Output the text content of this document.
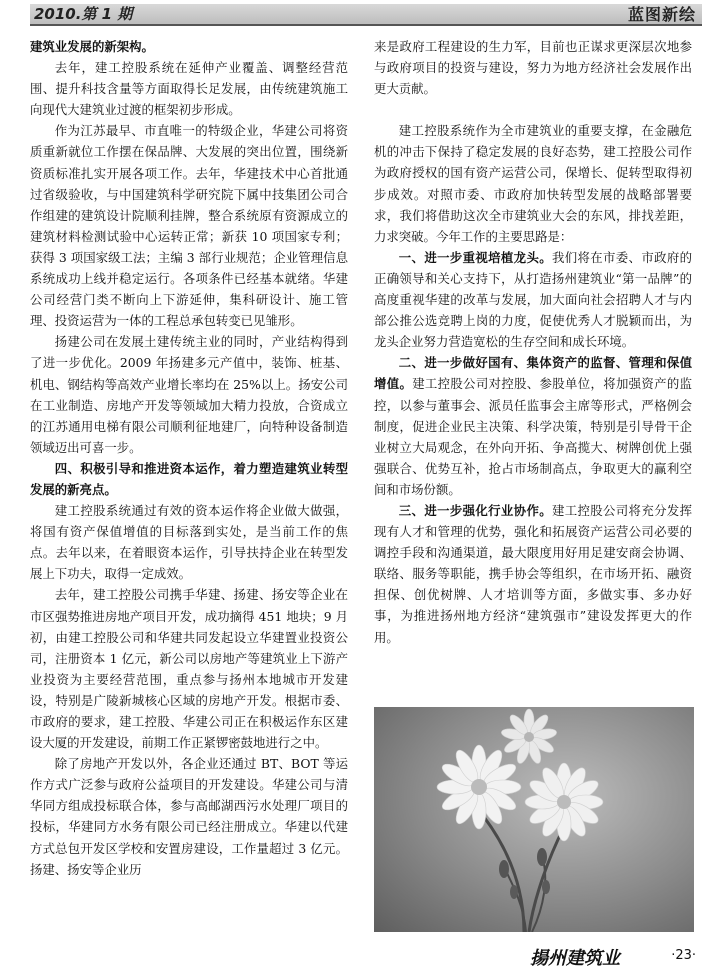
2010.第 1 期	蓝图新绘
建筑业发展的新架构。

去年，建工控股系统在延伸产业覆盖、调整经营范围、提升科技含量等方面取得长足发展，由传统建筑施工向现代大建筑业过渡的框架初步形成。

作为江苏最早、市直唯一的特级企业，华建公司将资质重新就位工作摆在保品牌、大发展的突出位置，围绕新资质标准扎实开展各项工作。去年，华建技术中心首批通过省级验收，与中国建筑科学研究院下属中技集团公司合作组建的建筑设计院顺利挂牌，整合系统原有资源成立的建筑材料检测试验中心运转正常；新获 10 项国家专利；获得 3 项国家级工法；主编 3 部行业规范；企业管理信息系统成功上线并稳定运行。各项条件已经基本就绪。华建公司经营门类不断向上下游延伸，集科研设计、施工管理、投资运营为一体的工程总承包转变已见雏形。

扬建公司在发展土建传统主业的同时，产业结构得到了进一步优化。2009 年扬建多元产值中，装饰、桩基、机电、钢结构等高效产业增长率均在 25%以上。扬安公司在工业制造、房地产开发等领域加大精力投放，合资成立的江苏通用电梯有限公司顺利征地建厂，向特种设备制造领域迈出可喜一步。

四、积极引导和推进资本运作，着力塑造建筑业转型发展的新亮点。

建工控股系统通过有效的资本运作将企业做大做强，将国有资产保值增值的目标落到实处，是当前工作的焦点。去年以来，在着眼资本运作，引导扶持企业在转型发展上下功夫，取得一定成效。

去年，建工控股公司携手华建、扬建、扬安等企业在市区强势推进房地产项目开发，成功摘得 451 地块；9 月初，由建工控股公司和华建共同发起设立华建置业投资公司，注册资本 1 亿元，新公司以房地产等建筑业上下游产业投资为主要经营范围，重点参与扬州本地城市开发建设，特别是广陵新城核心区域的房地产开发。根据市委、市政府的要求，建工控股、华建公司正在积极运作东区建设大厦的开发建设，前期工作正紧锣密鼓地进行之中。

除了房地产开发以外，各企业还通过 BT、BOT 等运作方式广泛参与政府公益项目的开发建设。华建公司与清华同方组成投标联合体，参与高邮湖西污水处理厂项目的投标，华建同方水务有限公司已经注册成立。华建以代建方式总包开发区学校和安置房建设，工作量超过 3 亿元。扬建、扬安等企业历

来是政府工程建设的生力军，目前也正谋求更深层次地参与政府项目的投资与建设，努力为地方经济社会发展作出更大贡献。

建工控股系统作为全市建筑业的重要支撑，在金融危机的冲击下保持了稳定发展的良好态势，建工控股公司作为政府授权的国有资产运营公司，保增长、促转型取得初步成效。对照市委、市政府加快转型发展的战略部署要求，我们将借助这次全市建筑业大会的东风，排找差距，力求突破。今年工作的主要思路是：

一、进一步重视培植龙头。我们将在市委、市政府的正确领导和关心支持下，从打造扬州建筑业“第一品牌”的高度重视华建的改革与发展，加大面向社会招聘人才与内部公推公选竞聘上岗的力度，促使优秀人才脱颖而出，为龙头企业努力营造宽松的生存空间和成长环境。

二、进一步做好国有、集体资产的监督、管理和保值增值。建工控股公司对控股、参股单位，将加强资产的监控，以参与董事会、派员任监事会主席等形式，严格例会制度，促进企业民主决策、科学决策，特别是引导骨干企业树立大局观念，在外向开拓、争高揽大、树牌创优上强强联合、优势互补，抢占市场制高点，争取更大的赢利空间和市场份额。

三、进一步强化行业协作。建工控股公司将充分发挥现有人才和管理的优势，强化和拓展资产运营公司必要的调控手段和沟通渠道，最大限度用好用足建安商会协调、联络、服务等职能，携手协会等组织，在市场开拓、融资担保、创优树牌、人才培训等方面，多做实事、多办好事，为推进扬州地方经济“建筑强市”建设发挥更大的作用。

揚州建筑业	·23·
